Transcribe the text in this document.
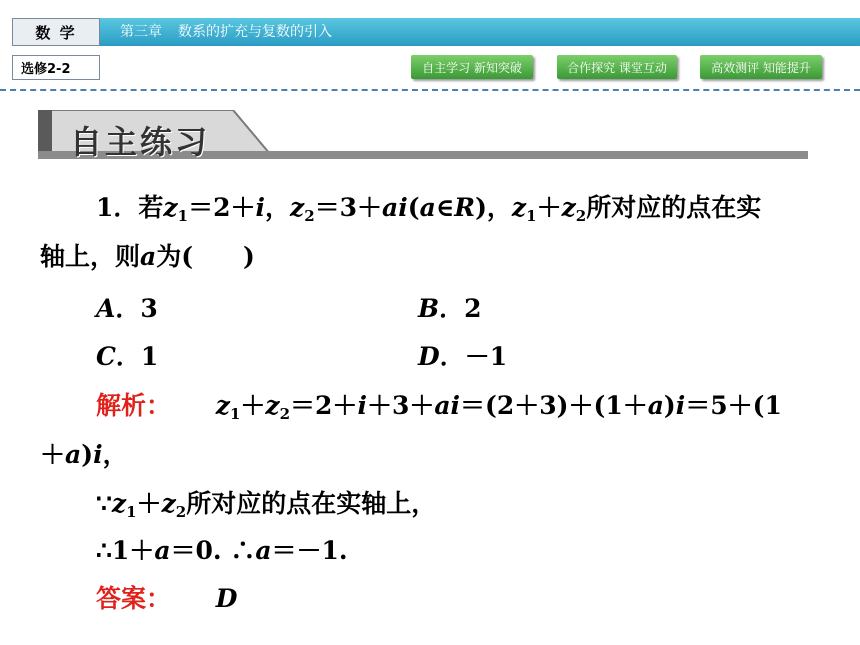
数 学	第三章 数系的扩充与复数的引入
选修2-2	自主学习 新知突破	合作探究 课堂互动	高效测评 知能提升
自主练习
1．若$z_1=2+i$，$z_2=3+ai(a\in R)$，$z_1+z_2$所对应的点在实
轴上，则a为(　　)
A．3	B．2
C．1	D．－1
解析： $z_1+z_2=2+i+3+ai=(2+3)+(1+a)i=5+(1$
＋a)i，
$\because z_1+z_2$所对应的点在实轴上，
∴1＋a＝0. ∴a＝－1.
答案： D
